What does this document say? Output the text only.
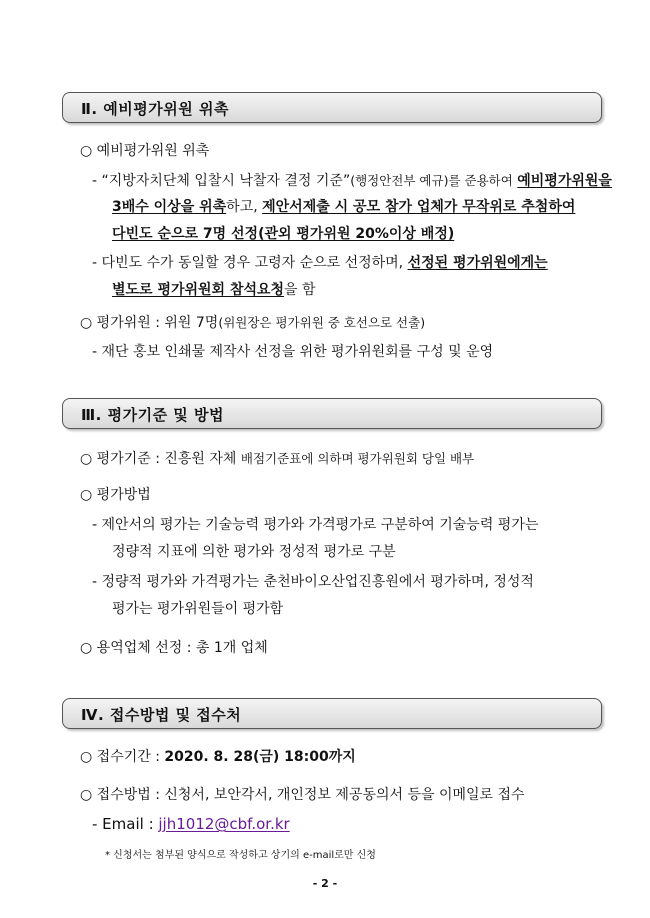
Ⅱ. 예비평가위원 위촉
○ 예비평가위원 위촉
- “지방자치단체 입찰시 낙찰자 결정 기준”(행정안전부 예규)를 준용하여 예비평가위원을
3배수 이상을 위촉하고, 제안서제출 시 공모 참가 업체가 무작위로 추첨하여
다빈도 순으로 7명 선정(관외 평가위원 20%이상 배정)
- 다빈도 수가 동일할 경우 고령자 순으로 선정하며, 선정된 평가위원에게는
별도로 평가위원회 참석요청을 함
○ 평가위원 : 위원 7명(위원장은 평가위원 중 호선으로 선출)
- 재단 홍보 인쇄물 제작사 선정을 위한 평가위원회를 구성 및 운영
Ⅲ. 평가기준 및 방법
○ 평가기준 : 진흥원 자체 배점기준표에 의하며 평가위원회 당일 배부
○ 평가방법
- 제안서의 평가는 기술능력 평가와 가격평가로 구분하여 기술능력 평가는
정량적 지표에 의한 평가와 정성적 평가로 구분
- 정량적 평가와 가격평가는 춘천바이오산업진흥원에서 평가하며, 정성적
평가는 평가위원들이 평가함
○ 용역업체 선정 : 총 1개 업체
Ⅳ. 접수방법 및 접수처
○ 접수기간 : 2020. 8. 28(금) 18:00까지
○ 접수방법 : 신청서, 보안각서, 개인정보 제공동의서 등을 이메일로 접수
- Email : jjh1012@cbf.or.kr
* 신청서는 첨부된 양식으로 작성하고 상기의 e-mail로만 신청
- 2 -
